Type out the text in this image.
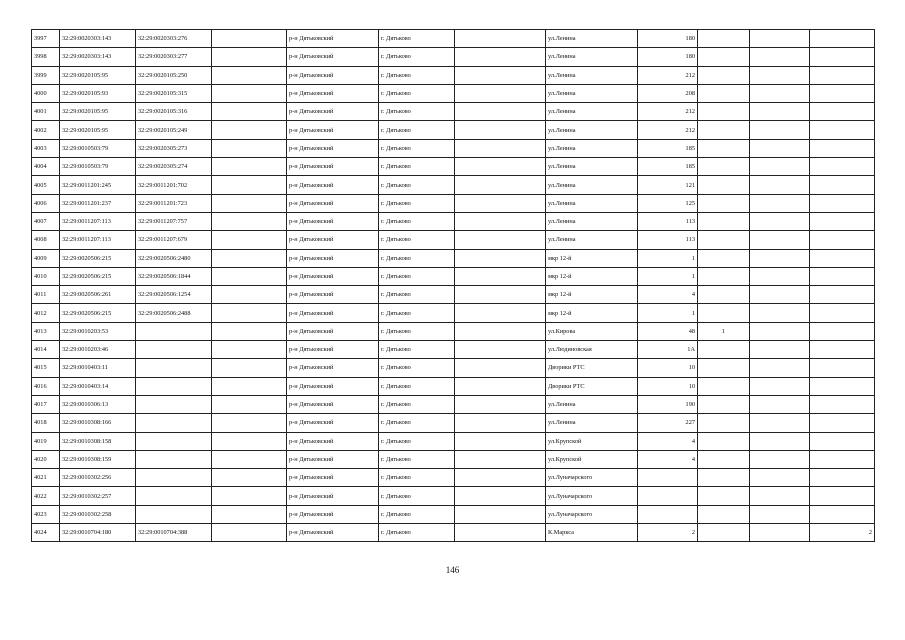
3997	32:29:0020303:143	32:29:0020303:276		р-н Дятьковский	г. Дятьково		ул.Ленина	180			
3998	32:29:0020303:143	32:29:0020303:277		р-н Дятьковский	г. Дятьково		ул.Ленина	180			
3999	32:29:0020105:95	32:29:0020105:250		р-н Дятьковский	г. Дятьково		ул.Ленина	212			
4000	32:29:0020105:93	32:29:0020105:315		р-н Дятьковский	г. Дятьково		ул.Ленина	208			
4001	32:29:0020105:95	32:29:0020105:316		р-н Дятьковский	г. Дятьково		ул.Ленина	212			
4002	32:29:0020105:95	32:29:0020105:249		р-н Дятьковский	г. Дятьково		ул.Ленина	212			
4003	32:29:0010503:79	32:29:0020305:273		р-н Дятьковский	г. Дятьково		ул.Ленина	185			
4004	32:29:0010503:79	32:29:0020305:274		р-н Дятьковский	г. Дятьково		ул.Ленина	185			
4005	32:29:0011201:245	32:29:0011201:702		р-н Дятьковский	г. Дятьково		ул.Ленина	121			
4006	32:29:0011201:237	32:29:0011201:723		р-н Дятьковский	г. Дятьково		ул.Ленина	125			
4007	32:29:0011207:113	32:29:0011207:757		р-н Дятьковский	г. Дятьково		ул.Ленина	113			
4008	32:29:0011207:113	32:29:0011207:679		р-н Дятьковский	г. Дятьково		ул.Ленина	113			
4009	32:29:0020506:215	32:29:0020506:2480		р-н Дятьковский	г. Дятьково		мкр 12-й	1			
4010	32:29:0020506:215	32:29:0020506:1844		р-н Дятьковский	г. Дятьково		мкр 12-й	1			
4011	32:29:0020506:261	32:29:0020506:1254		р-н Дятьковский	г. Дятьково		мкр 12-й	4			
4012	32:29:0020506:215	32:29:0020506:2488		р-н Дятьковский	г. Дятьково		мкр 12-й	1			
4013	32:29:0010203:53			р-н Дятьковский	г. Дятьково		ул.Кирова	48	1		
4014	32:29:0010203:46			р-н Дятьковский	г. Дятьково		ул.Людиновская	1А			
4015	32:29:0010403:11			р-н Дятьковский	г. Дятьково		Дворики РТС	10			
4016	32:29:0010403:14			р-н Дятьковский	г. Дятьково		Дворики РТС	10			
4017	32:29:0010306:13			р-н Дятьковский	г. Дятьково		ул.Ленина	190			
4018	32:29:0010308:166			р-н Дятьковский	г. Дятьково		ул.Ленина	227			
4019	32:29:0010308:158			р-н Дятьковский	г. Дятьково		ул.Крупской	4			
4020	32:29:0010308:159			р-н Дятьковский	г. Дятьково		ул.Крупской	4			
4021	32:29:0010302:256			р-н Дятьковский	г. Дятьково		ул.Луначарского				
4022	32:29:0010302:257			р-н Дятьковский	г. Дятьково		ул.Луначарского				
4023	32:29:0010302:258			р-н Дятьковский	г. Дятьково		ул.Луначарского				
4024	32:29:0010704:180	32:29:0010704:388		р-н Дятьковский	г. Дятьково		К.Маркса	2			2
146
